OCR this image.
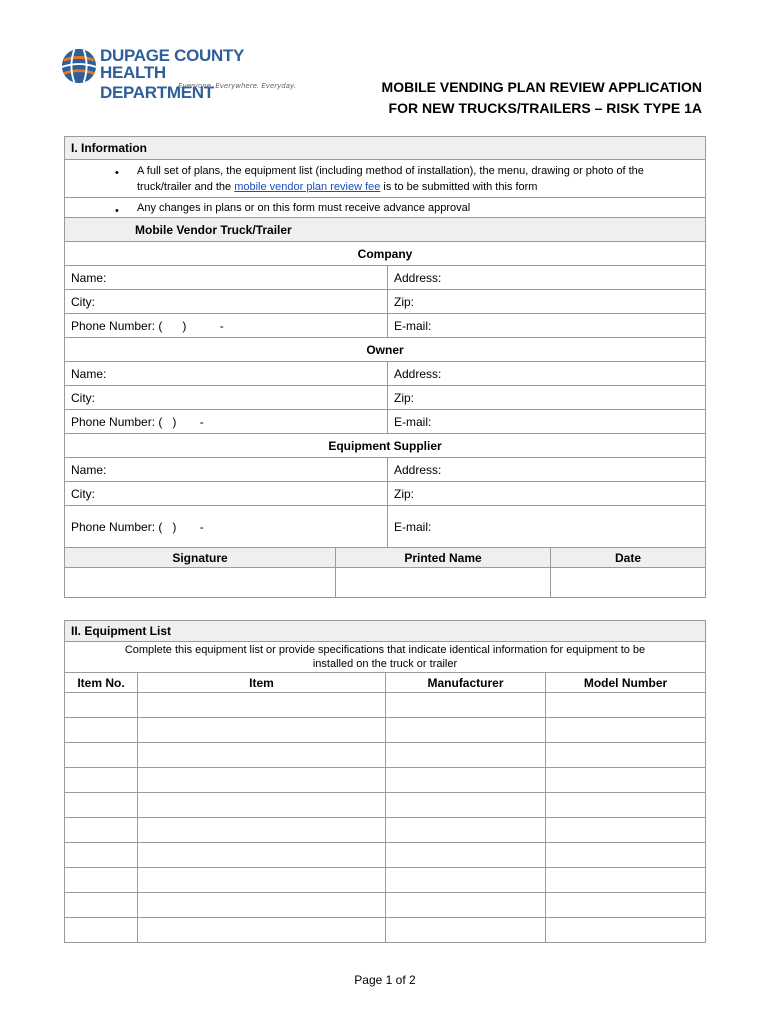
DUPAGE COUNTY
HEALTH DEPARTMENT
Everyone. Everywhere. Everyday.	MOBILE VENDING PLAN REVIEW APPLICATION
FOR NEW TRUCKS/TRAILERS – RISK TYPE 1A
I. Information			

• A full set of plans, the equipment list (including method of installation), the menu, drawing or photo of the truck/trailer and the mobile vendor plan review fee is to be submitted with this form			

• Any changes in plans or on this form must receive advance approval			

Mobile Vendor Truck/Trailer			
Company			
Name:		Address:	
City:		Zip:	
Phone Number: (      )          -		E-mail:	
Owner			
Name:		Address:	
City:		Zip:	
Phone Number: (   )       -		E-mail:	
Equipment Supplier			
Name:		Address:	
City:		Zip:	
Phone Number: (   )       -		E-mail:	
Signature	Printed Name		Date

II. Equipment List			
Complete this equipment list or provide specifications that indicate identical information for equipment to be installed on the truck or trailer			
Item No.	Item	Manufacturer	Model Number

Page 1 of 2
